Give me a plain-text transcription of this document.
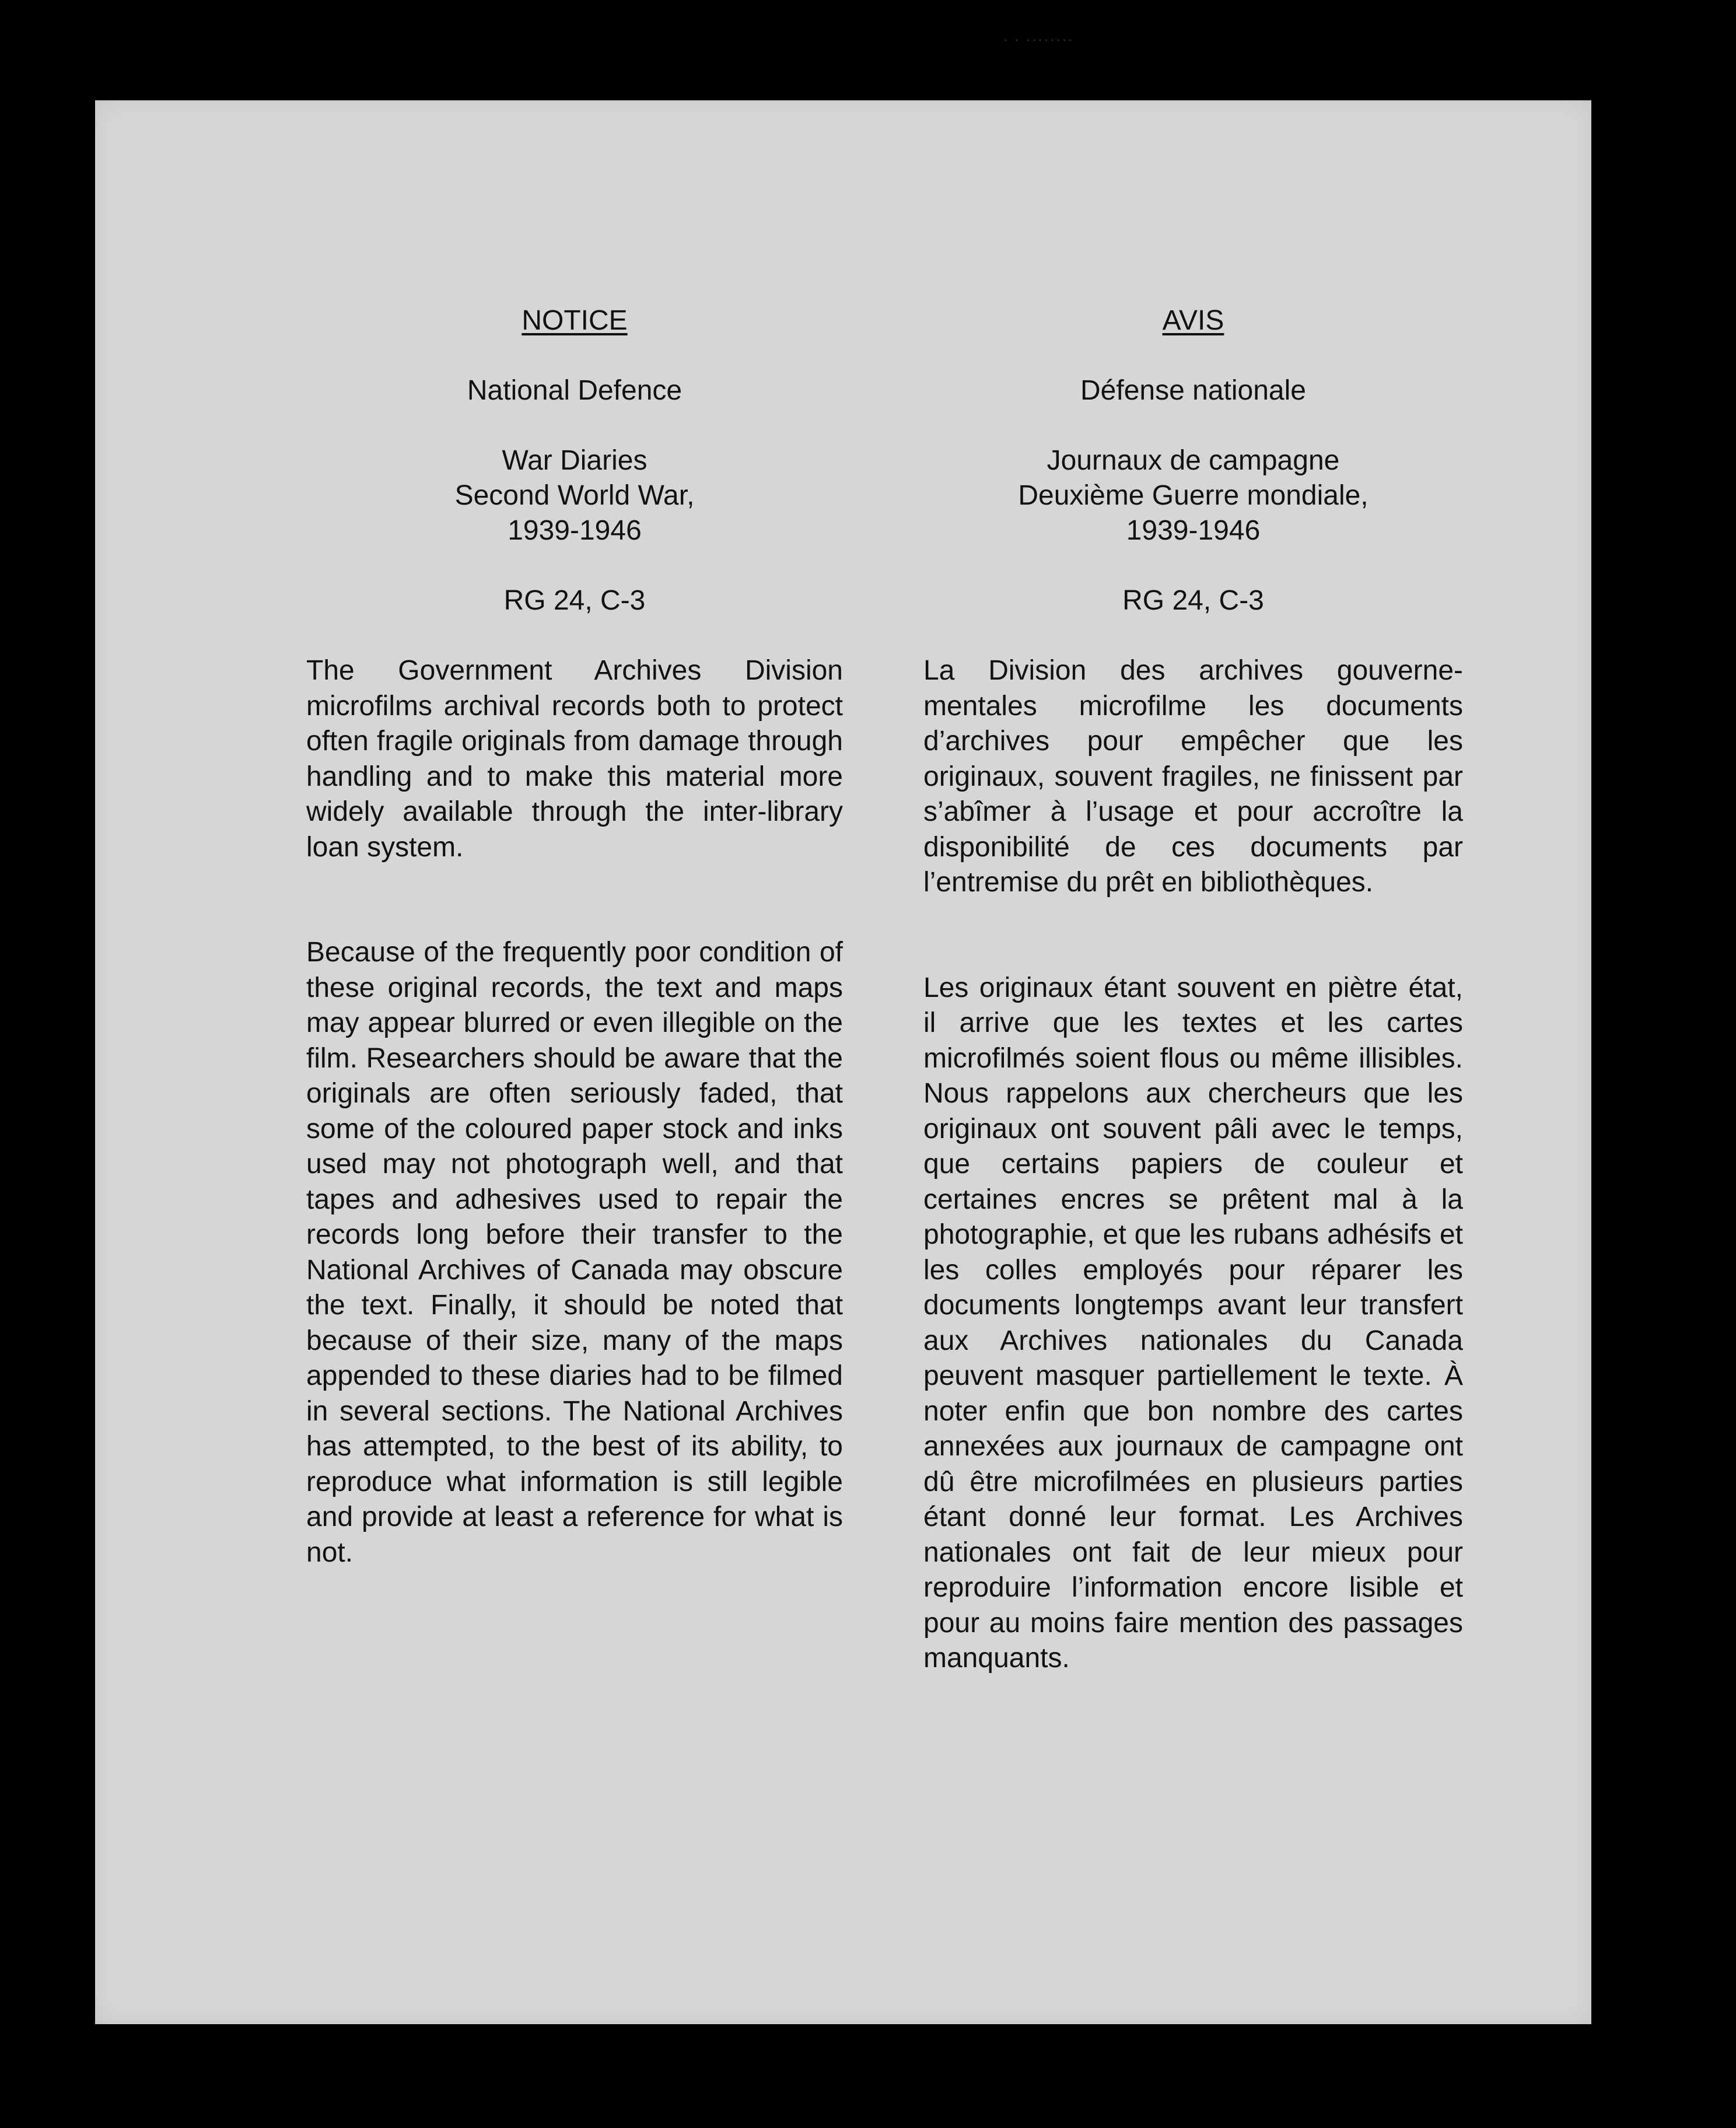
· · ········

NOTICE

National Defence

War Diaries
Second World War,
1939-1946

RG 24, C-3

The Government Archives Division microfilms archival records both to protect often fragile originals from damage through handling and to make this material more widely available through the inter-library loan system.

Because of the frequently poor condition of these original records, the text and maps may appear blurred or even illegible on the film. Researchers should be aware that the originals are often seriously faded, that some of the coloured paper stock and inks used may not photograph well, and that tapes and adhesives used to repair the records long before their transfer to the National Archives of Canada may obscure the text. Finally, it should be noted that because of their size, many of the maps appended to these diaries had to be filmed in several sections. The National Archives has attempted, to the best of its ability, to reproduce what information is still legible and provide at least a reference for what is not.

AVIS

Défense nationale

Journaux de campagne
Deuxième Guerre mondiale,
1939-1946

RG 24, C-3

La Division des archives gouverne-mentales microfilme les documents d’archives pour empêcher que les originaux, souvent fragiles, ne finissent par s’abîmer à l’usage et pour accroître la disponibilité de ces documents par l’entremise du prêt en bibliothèques.

Les originaux étant souvent en piètre état, il arrive que les textes et les cartes microfilmés soient flous ou même illisibles. Nous rappelons aux chercheurs que les originaux ont souvent pâli avec le temps, que certains papiers de couleur et certaines encres se prêtent mal à la photographie, et que les rubans adhésifs et les colles employés pour réparer les documents longtemps avant leur transfert aux Archives nationales du Canada peuvent masquer partiellement le texte. À noter enfin que bon nombre des cartes annexées aux journaux de campagne ont dû être microfilmées en plusieurs parties étant donné leur format. Les Archives nationales ont fait de leur mieux pour reproduire l’information encore lisible et pour au moins faire mention des passages manquants.
